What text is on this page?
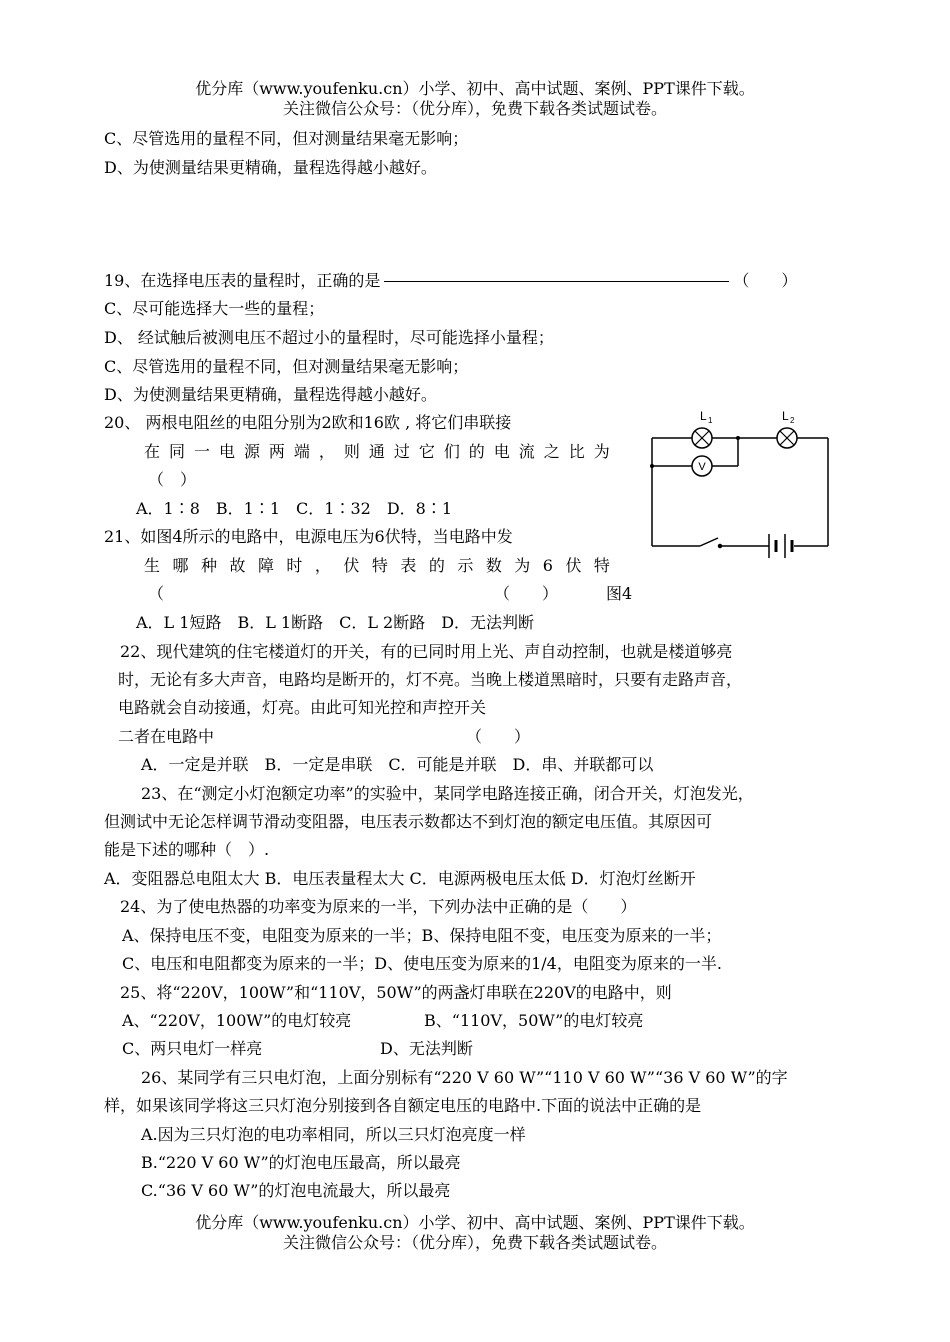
优分库（www.youfenku.cn）小学、初中、高中试题、案例、PPT课件下载。
关注微信公众号：（优分库），免费下载各类试题试卷。
C、尽管选用的量程不同，但对测量结果毫无影响；
D、为使测量结果更精确，量程选得越小越好。
19、在选择电压表的量程时，正确的是	（　　）
C、尽可能选择大一些的量程；
D、 经试触后被测电压不超过小的量程时，尽可能选择小量程；
C、尽管选用的量程不同，但对测量结果毫无影响；
D、为使测量结果更精确，量程选得越小越好。
20、 两根电阻丝的电阻分别为2欧和16欧 , 将它们串联接
在 同 一 电 源 两 端 ， 则 通 过 它 们 的 电 流 之 比 为
（　）
A．1∶8　B．1∶1　C．1∶32　D．8∶1
21、如图4所示的电路中，电源电压为6伏特，当电路中发
生 哪 种 故 障 时 ， 伏 特 表 的 示 数 为 6 伏 特
（	（　　）	图4
A．L 1短路　B．L 1断路　C．L 2断路　D．无法判断
L 1	L 2
V
22、现代建筑的住宅楼道灯的开关，有的已同时用上光、声自动控制，也就是楼道够亮
时，无论有多大声音，电路均是断开的，灯不亮。当晚上楼道黑暗时，只要有走路声音，
电路就会自动接通，灯亮。由此可知光控和声控开关
二者在电路中	（　　）
A．一定是并联　B．一定是串联　C．可能是并联　D．串、并联都可以
23、在“测定小灯泡额定功率”的实验中，某同学电路连接正确，闭合开关，灯泡发光，
但测试中无论怎样调节滑动变阻器，电压表示数都达不到灯泡的额定电压值。其原因可
能是下述的哪种（　）.
A．变阻器总电阻太大 B．电压表量程太大 C．电源两极电压太低 D．灯泡灯丝断开
24、为了使电热器的功率变为原来的一半，下列办法中正确的是（　　）
A、保持电压不变，电阻变为原来的一半；B、保持电阻不变，电压变为原来的一半；
C、电压和电阻都变为原来的一半；D、使电压变为原来的1/4，电阻变为原来的一半.
25、将“220V，100W”和“110V，50W”的两盏灯串联在220V的电路中，则
A、“220V，100W”的电灯较亮	B、“110V，50W”的电灯较亮
C、两只电灯一样亮	D、无法判断
26、某同学有三只电灯泡，上面分别标有“220 V 60 W”“110 V 60 W”“36 V 60 W”的字
样，如果该同学将这三只灯泡分别接到各自额定电压的电路中.下面的说法中正确的是
A.因为三只灯泡的电功率相同，所以三只灯泡亮度一样
B.“220 V 60 W”的灯泡电压最高，所以最亮
C.“36 V 60 W”的灯泡电流最大，所以最亮
优分库（www.youfenku.cn）小学、初中、高中试题、案例、PPT课件下载。
关注微信公众号：（优分库），免费下载各类试题试卷。
